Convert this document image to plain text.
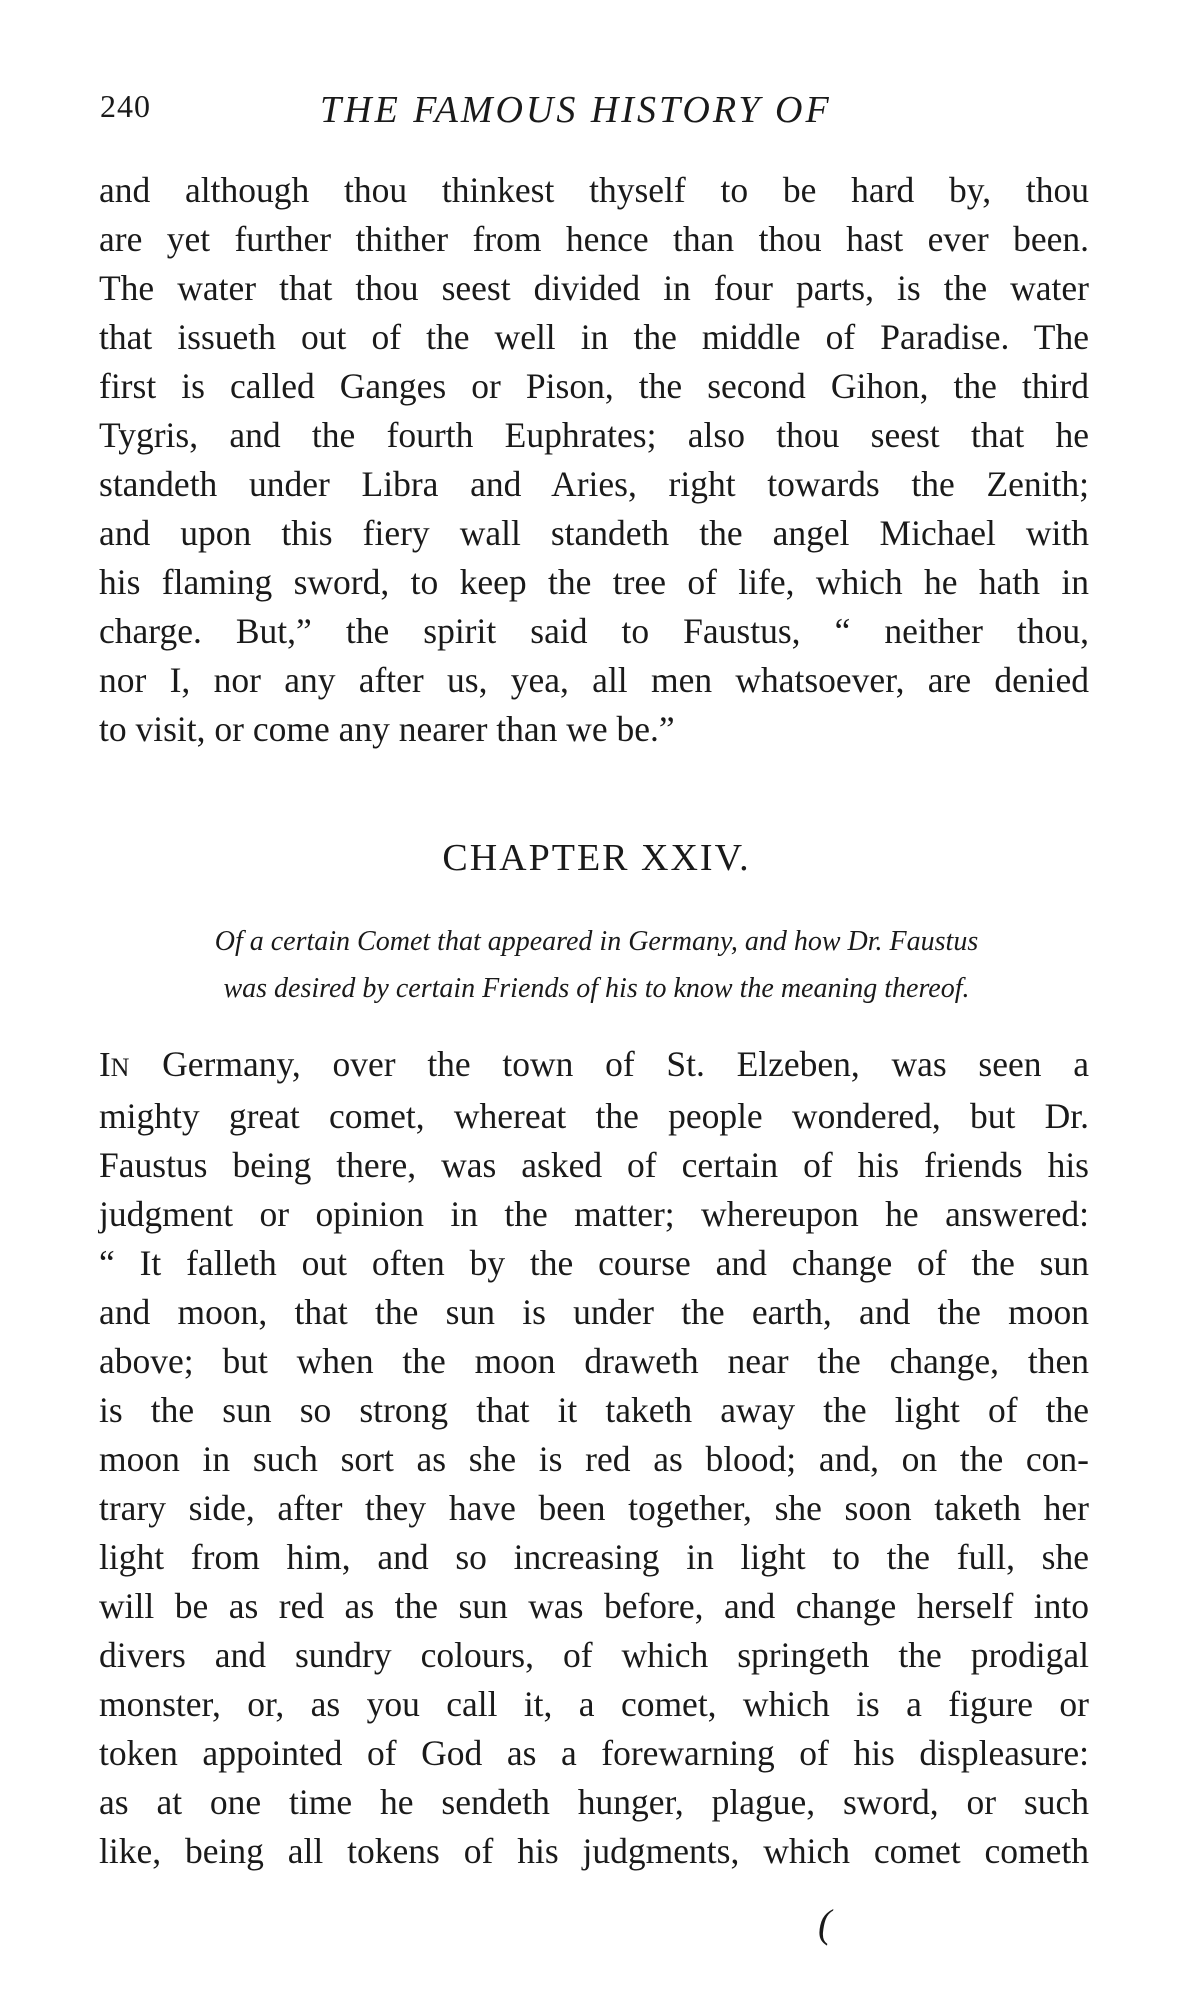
240	THE FAMOUS HISTORY OF

and although thou thinkest thyself to be hard by, thou
are yet further thither from hence than thou hast ever been.
The water that thou seest divided in four parts, is the water
that issueth out of the well in the middle of Paradise. The
first is called Ganges or Pison, the second Gihon, the third
Tygris, and the fourth Euphrates; also thou seest that he
standeth under Libra and Aries, right towards the Zenith;
and upon this fiery wall standeth the angel Michael with
his flaming sword, to keep the tree of life, which he hath in
charge. But,” the spirit said to Faustus, “ neither thou,
nor I, nor any after us, yea, all men whatsoever, are denied
to visit, or come any nearer than we be.”

CHAPTER XXIV.
Of a certain Comet that appeared in Germany, and how Dr. Faustus
was desired by certain Friends of his to know the meaning thereof.

IN Germany, over the town of St. Elzeben, was seen a
mighty great comet, whereat the people wondered, but Dr.
Faustus being there, was asked of certain of his friends his
judgment or opinion in the matter; whereupon he answered:
“ It falleth out often by the course and change of the sun
and moon, that the sun is under the earth, and the moon
above; but when the moon draweth near the change, then
is the sun so strong that it taketh away the light of the
moon in such sort as she is red as blood; and, on the con-
trary side, after they have been together, she soon taketh her
light from him, and so increasing in light to the full, she
will be as red as the sun was before, and change herself into
divers and sundry colours, of which springeth the prodigal
monster, or, as you call it, a comet, which is a figure or
token appointed of God as a forewarning of his displeasure:
as at one time he sendeth hunger, plague, sword, or such
like, being all tokens of his judgments, which comet cometh

(
